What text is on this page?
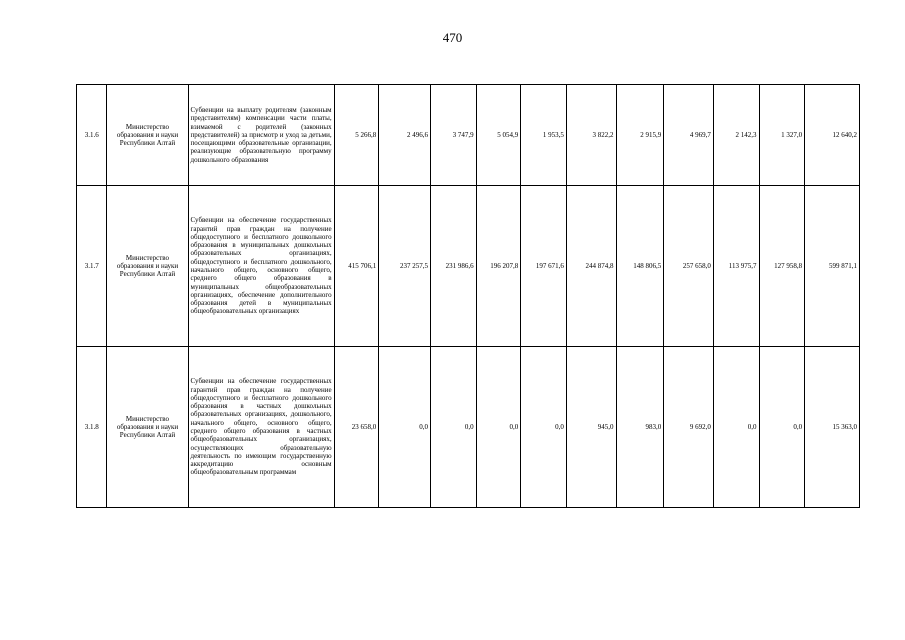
470
3.1.6	Министерство образования и науки Республики Алтай	Субвенции на выплату родителям (законным представителям) компенсации части платы, взимаемой с родителей (законных представителей) за присмотр и уход за детьми, посещающими образовательные организации, реализующие образовательную программу дошкольного образования	5 266,8	2 496,6	3 747,9	5 054,9	1 953,5	3 822,2	2 915,9	4 969,7	2 142,3	1 327,0	12 640,2
3.1.7	Министерство образования и науки Республики Алтай	Субвенции на обеспечение государственных гарантий прав граждан на получение общедоступного и бесплатного дошкольного образования в муниципальных дошкольных образовательных организациях, общедоступного и бесплатного дошкольного, начального общего, основного общего, среднего общего образования в муниципальных общеобразовательных организациях, обеспечение дополнительного образования детей в муниципальных общеобразовательных организациях	415 706,1	237 257,5	231 986,6	196 207,8	197 671,6	244 874,8	148 806,5	257 658,0	113 975,7	127 958,8	599 871,1
3.1.8	Министерство образования и науки Республики Алтай	Субвенции на обеспечение государственных гарантий прав граждан на получение общедоступного и бесплатного дошкольного образования в частных дошкольных образовательных организациях, дошкольного, начального общего, основного общего, среднего общего образования в частных общеобразовательных организациях, осуществляющих образовательную деятельность по имеющим государственную аккредитацию основным общеобразовательным программам	23 658,0	0,0	0,0	0,0	0,0	945,0	983,0	9 692,0	0,0	0,0	15 363,0
